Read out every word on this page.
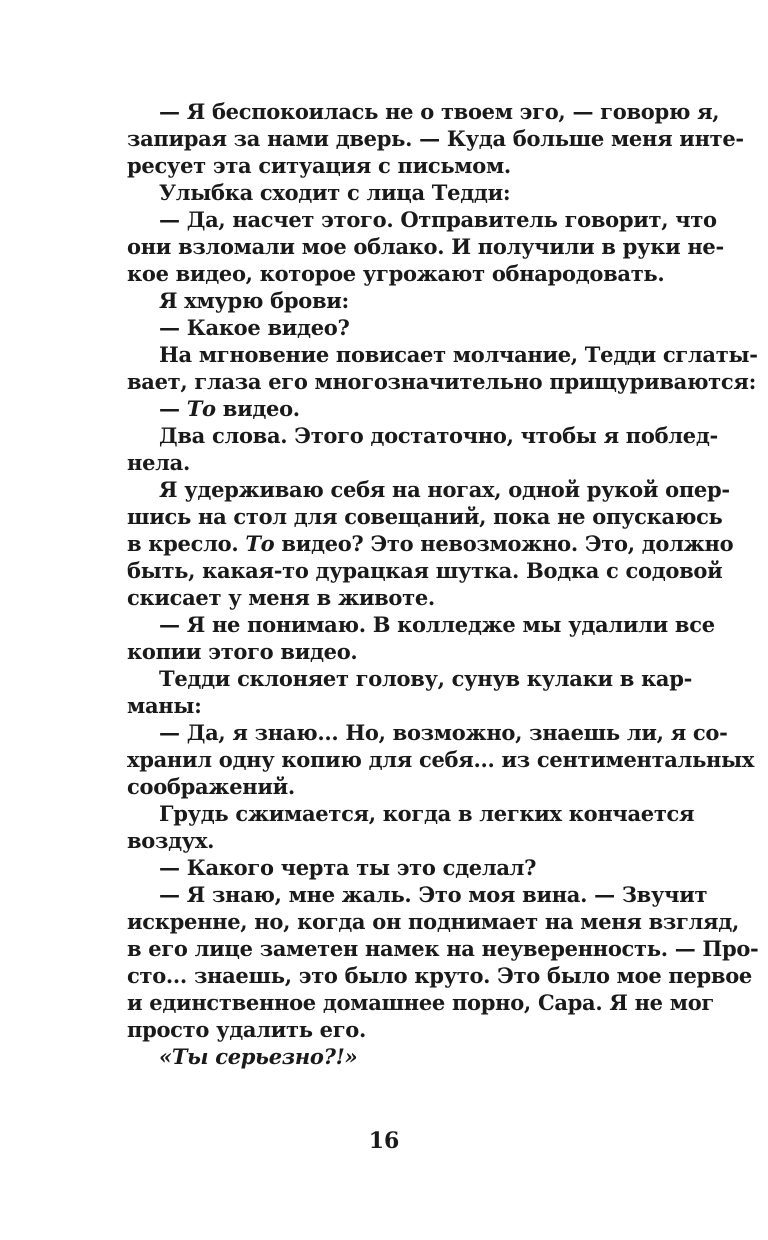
— Я беспокоилась не о твоем эго, — говорю я,
запирая за нами дверь. — Куда больше меня инте-
ресует эта ситуация с письмом.
Улыбка сходит с лица Тедди:
— Да, насчет этого. Отправитель говорит, что
они взломали мое облако. И получили в руки не-
кое видео, которое угрожают обнародовать.
Я хмурю брови:
— Какое видео?
На мгновение повисает молчание, Тедди сглаты-
вает, глаза его многозначительно прищуриваются:
— То видео.
Два слова. Этого достаточно, чтобы я поблед-
нела.
Я удерживаю себя на ногах, одной рукой опер-
шись на стол для совещаний, пока не опускаюсь
в кресло. То видео? Это невозможно. Это, должно
быть, какая-то дурацкая шутка. Водка с содовой
скисает у меня в животе.
— Я не понимаю. В колледже мы удалили все
копии этого видео.
Тедди склоняет голову, сунув кулаки в кар-
маны:
— Да, я знаю... Но, возможно, знаешь ли, я со-
хранил одну копию для себя... из сентиментальных
соображений.
Грудь сжимается, когда в легких кончается
воздух.
— Какого черта ты это сделал?
— Я знаю, мне жаль. Это моя вина. — Звучит
искренне, но, когда он поднимает на меня взгляд,
в его лице заметен намек на неуверенность. — Про-
сто... знаешь, это было круто. Это было мое первое
и единственное домашнее порно, Сара. Я не мог
просто удалить его.
«Ты серьезно?!»
16
